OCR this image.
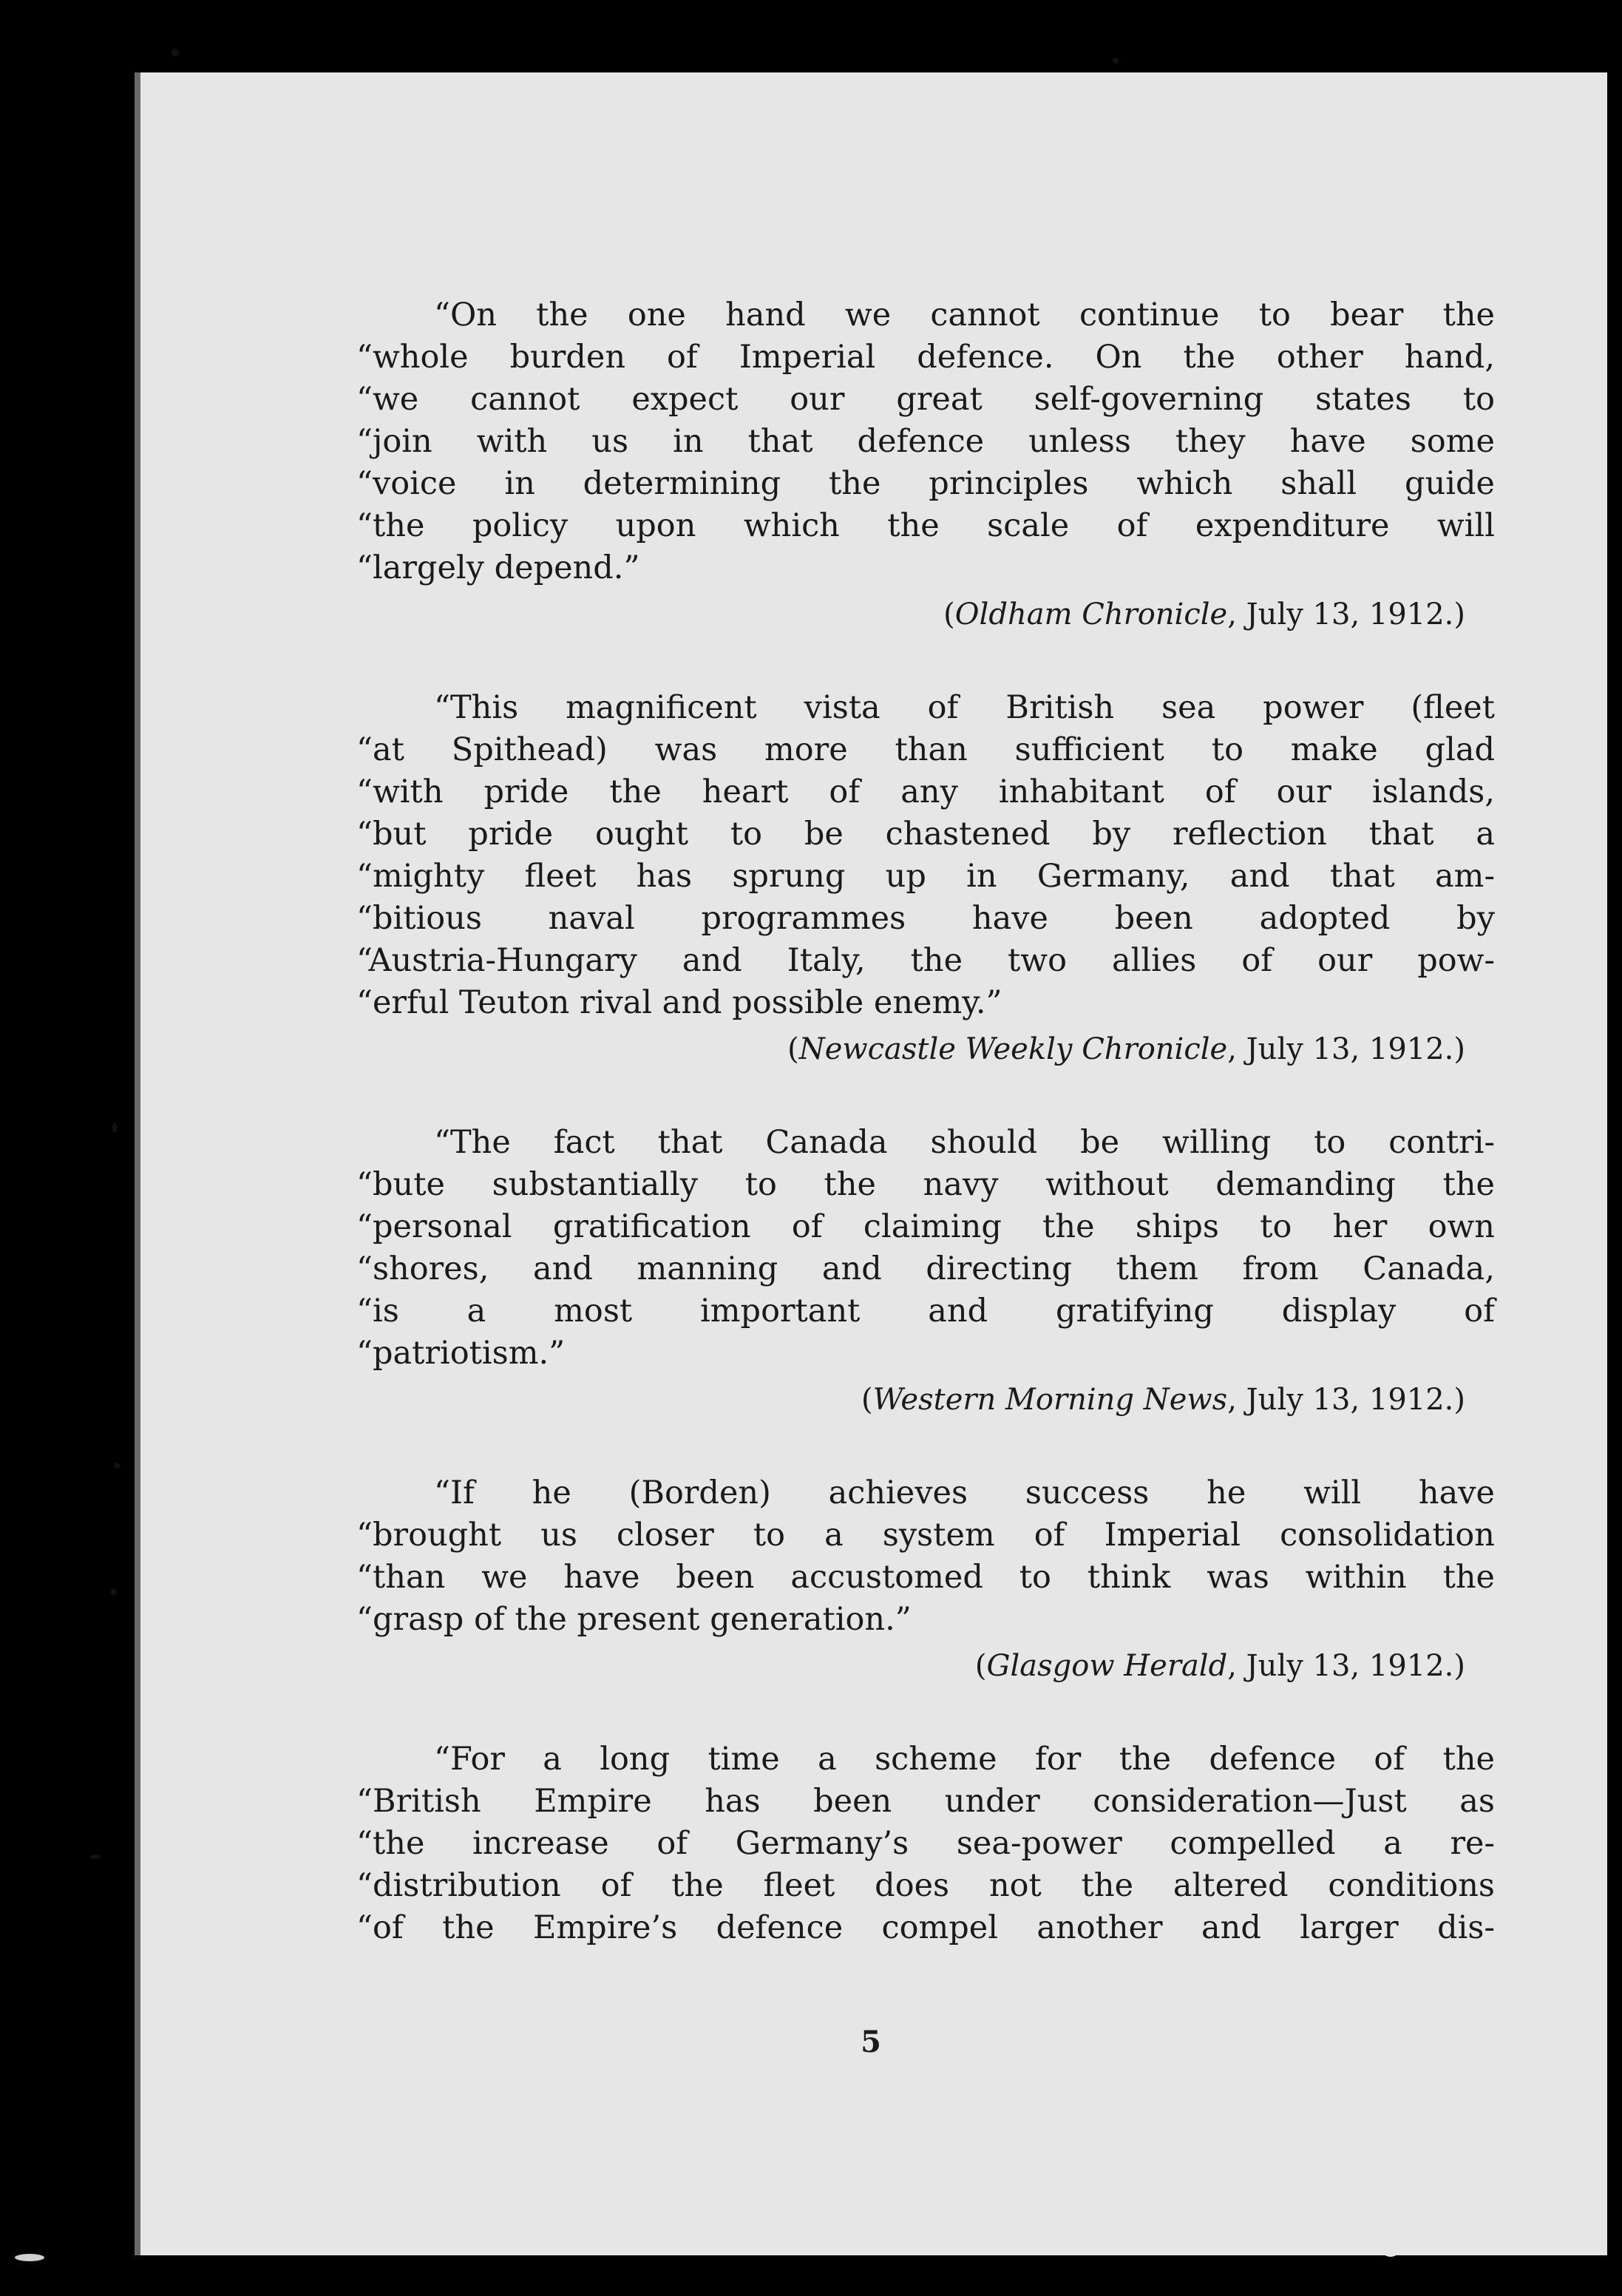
“On the one hand we cannot continue to bear the
“whole burden of Imperial defence. On the other hand,
“we cannot expect our great self-governing states to
“join with us in that defence unless they have some
“voice in determining the principles which shall guide
“the policy upon which the scale of expenditure will
“largely depend.”
(Oldham Chronicle, July 13, 1912.)
“This magnificent vista of British sea power (fleet
“at Spithead) was more than sufficient to make glad
“with pride the heart of any inhabitant of our islands,
“but pride ought to be chastened by reflection that a
“mighty fleet has sprung up in Germany, and that am-
“bitious naval programmes have been adopted by
“Austria-Hungary and Italy, the two allies of our pow-
“erful Teuton rival and possible enemy.”
(Newcastle Weekly Chronicle, July 13, 1912.)
“The fact that Canada should be willing to contri-
“bute substantially to the navy without demanding the
“personal gratification of claiming the ships to her own
“shores, and manning and directing them from Canada,
“is a most important and gratifying display of
“patriotism.”
(Western Morning News, July 13, 1912.)
“If he (Borden) achieves success he will have
“brought us closer to a system of Imperial consolidation
“than we have been accustomed to think was within the
“grasp of the present generation.”
(Glasgow Herald, July 13, 1912.)
“For a long time a scheme for the defence of the
“British Empire has been under consideration—Just as
“the increase of Germany’s sea-power compelled a re-
“distribution of the fleet does not the altered conditions
“of the Empire’s defence compel another and larger dis-
5
